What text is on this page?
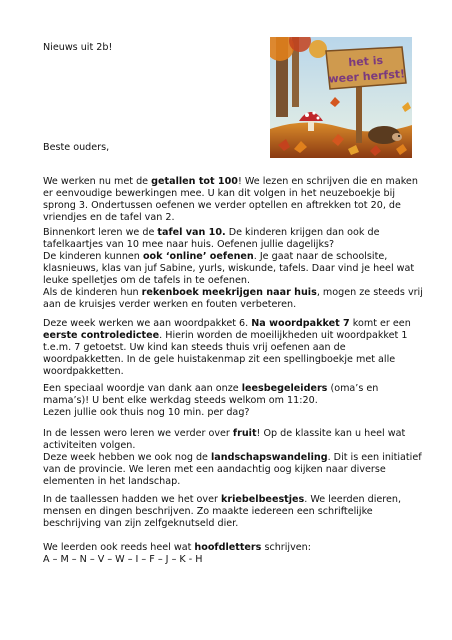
Nieuws uit 2b!
het is
weer herfst!
Beste ouders,

We werken nu met de getallen tot 100! We lezen en schrijven die en maken er eenvoudige bewerkingen mee. U kan dit volgen in het neuzeboekje bij sprong 3. Ondertussen oefenen we verder optellen en aftrekken tot 20, de vriendjes en de tafel van 2.

Binnenkort leren we de tafel van 10. De kinderen krijgen dan ook de tafelkaartjes van 10 mee naar huis. Oefenen jullie dagelijks?
De kinderen kunnen ook ‘online’ oefenen. Je gaat naar de schoolsite, klasnieuws, klas van juf Sabine, yurls, wiskunde, tafels. Daar vind je heel wat leuke spelletjes om de tafels in te oefenen.
Als de kinderen hun rekenboek meekrijgen naar huis, mogen ze steeds vrij aan de kruisjes verder werken en fouten verbeteren.

Deze week werken we aan woordpakket 6. Na woordpakket 7 komt er een eerste controledictee. Hierin worden de moeilijkheden uit woordpakket 1 t.e.m. 7 getoetst. Uw kind kan steeds thuis vrij oefenen aan de woordpakketten. In de gele huistakenmap zit een spellingboekje met alle woordpakketten.

Een speciaal woordje van dank aan onze leesbegeleiders (oma’s en mama’s)! U bent elke werkdag steeds welkom om 11:20.
Lezen jullie ook thuis nog 10 min. per dag?

In de lessen wero leren we verder over fruit! Op de klassite kan u heel wat activiteiten volgen.
Deze week hebben we ook nog de landschapswandeling. Dit is een initiatief van de provincie. We leren met een aandachtig oog kijken naar diverse elementen in het landschap.

In de taallessen hadden we het over kriebelbeestjes. We leerden dieren, mensen en dingen beschrijven. Zo maakte iedereen een schriftelijke beschrijving van zijn zelfgeknutseld dier.

We leerden ook reeds heel wat hoofdletters schrijven:
A – M – N – V – W – I – F – J – K - H
